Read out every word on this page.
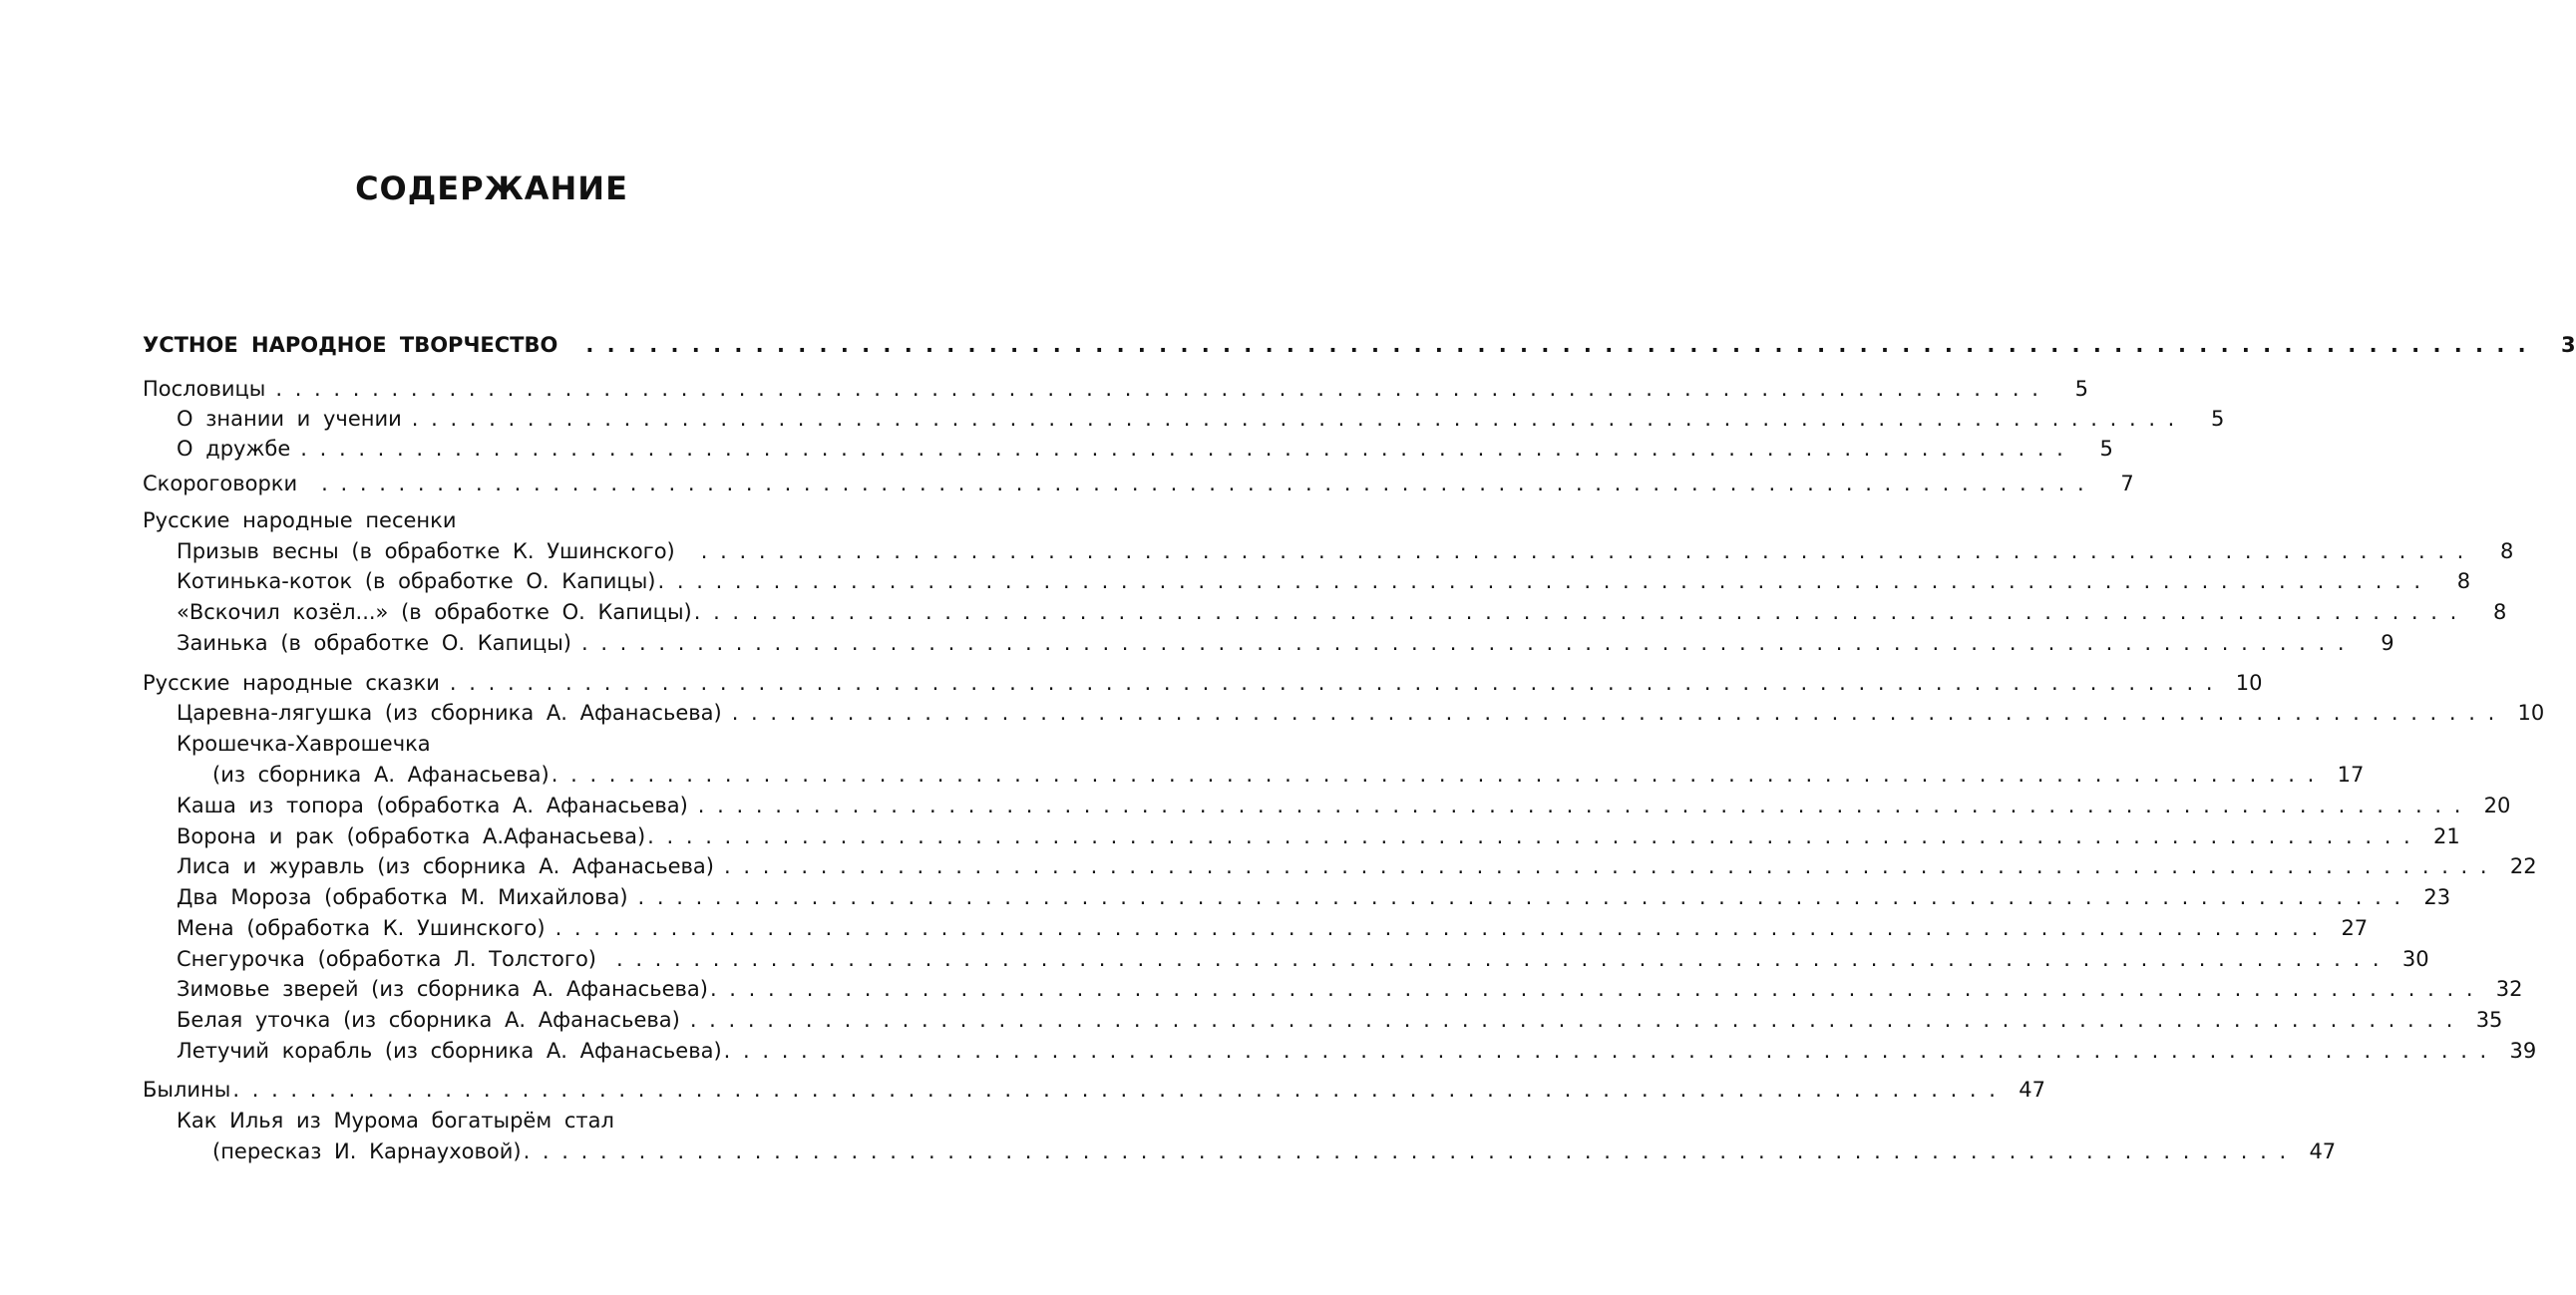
СОДЕРЖАНИЕ
УСТНОЕ НАРОДНОЕ ТВОРЧЕСТВО . . . . . . . . . . . . . . . . . . . . . . . . . . . . . . . . . . . . . . . . . . . . . . . . . . . . . . . . . . . . . . . . . . . . . . . . . . . . . . . . . . . . . . . . . . . .	3
Пословицы . . . . . . . . . . . . . . . . . . . . . . . . . . . . . . . . . . . . . . . . . . . . . . . . . . . . . . . . . . . . . . . . . . . . . . . . . . . . . . . . . . . . . . . . . . . .	5
О знании и учении . . . . . . . . . . . . . . . . . . . . . . . . . . . . . . . . . . . . . . . . . . . . . . . . . . . . . . . . . . . . . . . . . . . . . . . . . . . . . . . . . . . . . . . . . . . .	5
О дружбе . . . . . . . . . . . . . . . . . . . . . . . . . . . . . . . . . . . . . . . . . . . . . . . . . . . . . . . . . . . . . . . . . . . . . . . . . . . . . . . . . . . . . . . . . . . .	5
Скороговорки . . . . . . . . . . . . . . . . . . . . . . . . . . . . . . . . . . . . . . . . . . . . . . . . . . . . . . . . . . . . . . . . . . . . . . . . . . . . . . . . . . . . . . . . . . . .	7
Русские народные песенки
Призыв весны (в обработке К. Ушинского) . . . . . . . . . . . . . . . . . . . . . . . . . . . . . . . . . . . . . . . . . . . . . . . . . . . . . . . . . . . . . . . . . . . . . . . . . . . . . . . . . . . . . . . . . . . .	8
Котинька-коток (в обработке О. Капицы) . . . . . . . . . . . . . . . . . . . . . . . . . . . . . . . . . . . . . . . . . . . . . . . . . . . . . . . . . . . . . . . . . . . . . . . . . . . . . . . . . . . . . . . . . . . .	8
«Вскочил козёл...» (в обработке О. Капицы) . . . . . . . . . . . . . . . . . . . . . . . . . . . . . . . . . . . . . . . . . . . . . . . . . . . . . . . . . . . . . . . . . . . . . . . . . . . . . . . . . . . . . . . . . . . .	8
Заинька (в обработке О. Капицы) . . . . . . . . . . . . . . . . . . . . . . . . . . . . . . . . . . . . . . . . . . . . . . . . . . . . . . . . . . . . . . . . . . . . . . . . . . . . . . . . . . . . . . . . . . . .	9
Русские народные сказки . . . . . . . . . . . . . . . . . . . . . . . . . . . . . . . . . . . . . . . . . . . . . . . . . . . . . . . . . . . . . . . . . . . . . . . . . . . . . . . . . . . . . . . . . . . .	10
Царевна-лягушка (из сборника А. Афанасьева) . . . . . . . . . . . . . . . . . . . . . . . . . . . . . . . . . . . . . . . . . . . . . . . . . . . . . . . . . . . . . . . . . . . . . . . . . . . . . . . . . . . . . . . . . . . .	10
Крошечка-Хаврошечка
(из сборника А. Афанасьева) . . . . . . . . . . . . . . . . . . . . . . . . . . . . . . . . . . . . . . . . . . . . . . . . . . . . . . . . . . . . . . . . . . . . . . . . . . . . . . . . . . . . . . . . . . . .	17
Каша из топора (обработка А. Афанасьева) . . . . . . . . . . . . . . . . . . . . . . . . . . . . . . . . . . . . . . . . . . . . . . . . . . . . . . . . . . . . . . . . . . . . . . . . . . . . . . . . . . . . . . . . . . . .	20
Ворона и рак (обработка А.Афанасьева) . . . . . . . . . . . . . . . . . . . . . . . . . . . . . . . . . . . . . . . . . . . . . . . . . . . . . . . . . . . . . . . . . . . . . . . . . . . . . . . . . . . . . . . . . . . .	21
Лиса и журавль (из сборника А. Афанасьева) . . . . . . . . . . . . . . . . . . . . . . . . . . . . . . . . . . . . . . . . . . . . . . . . . . . . . . . . . . . . . . . . . . . . . . . . . . . . . . . . . . . . . . . . . . . .	22
Два Мороза (обработка М. Михайлова) . . . . . . . . . . . . . . . . . . . . . . . . . . . . . . . . . . . . . . . . . . . . . . . . . . . . . . . . . . . . . . . . . . . . . . . . . . . . . . . . . . . . . . . . . . . .	23
Мена (обработка К. Ушинского) . . . . . . . . . . . . . . . . . . . . . . . . . . . . . . . . . . . . . . . . . . . . . . . . . . . . . . . . . . . . . . . . . . . . . . . . . . . . . . . . . . . . . . . . . . . .	27
Снегурочка (обработка Л. Толстого) . . . . . . . . . . . . . . . . . . . . . . . . . . . . . . . . . . . . . . . . . . . . . . . . . . . . . . . . . . . . . . . . . . . . . . . . . . . . . . . . . . . . . . . . . . . .	30
Зимовье зверей (из сборника А. Афанасьева) . . . . . . . . . . . . . . . . . . . . . . . . . . . . . . . . . . . . . . . . . . . . . . . . . . . . . . . . . . . . . . . . . . . . . . . . . . . . . . . . . . . . . . . . . . . .	32
Белая уточка (из сборника А. Афанасьева) . . . . . . . . . . . . . . . . . . . . . . . . . . . . . . . . . . . . . . . . . . . . . . . . . . . . . . . . . . . . . . . . . . . . . . . . . . . . . . . . . . . . . . . . . . . .	35
Летучий корабль (из сборника А. Афанасьева) . . . . . . . . . . . . . . . . . . . . . . . . . . . . . . . . . . . . . . . . . . . . . . . . . . . . . . . . . . . . . . . . . . . . . . . . . . . . . . . . . . . . . . . . . . . .	39
Былины . . . . . . . . . . . . . . . . . . . . . . . . . . . . . . . . . . . . . . . . . . . . . . . . . . . . . . . . . . . . . . . . . . . . . . . . . . . . . . . . . . . . . . . . . . . .	47
Как Илья из Мурома богатырём стал
(пересказ И. Карнауховой) . . . . . . . . . . . . . . . . . . . . . . . . . . . . . . . . . . . . . . . . . . . . . . . . . . . . . . . . . . . . . . . . . . . . . . . . . . . . . . . . . . . . . . . . . . . .	47
